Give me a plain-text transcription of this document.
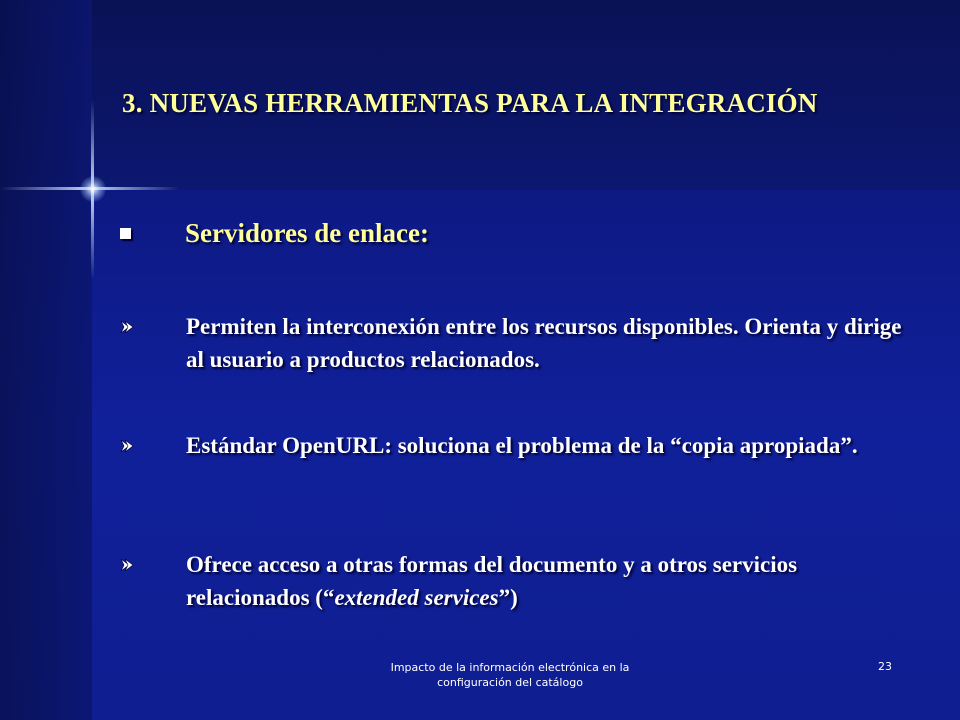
3. NUEVAS HERRAMIENTAS PARA LA INTEGRACIÓN
Servidores de enlace:
Permiten la interconexión entre los recursos disponibles. Orienta y dirige al usuario a productos relacionados.
Estándar OpenURL: soluciona el problema de la “copia apropiada”.
Ofrece acceso a otras formas del documento y a otros servicios relacionados (“extended services”)
Impacto de la información electrónica en la
configuración del catálogo
23
